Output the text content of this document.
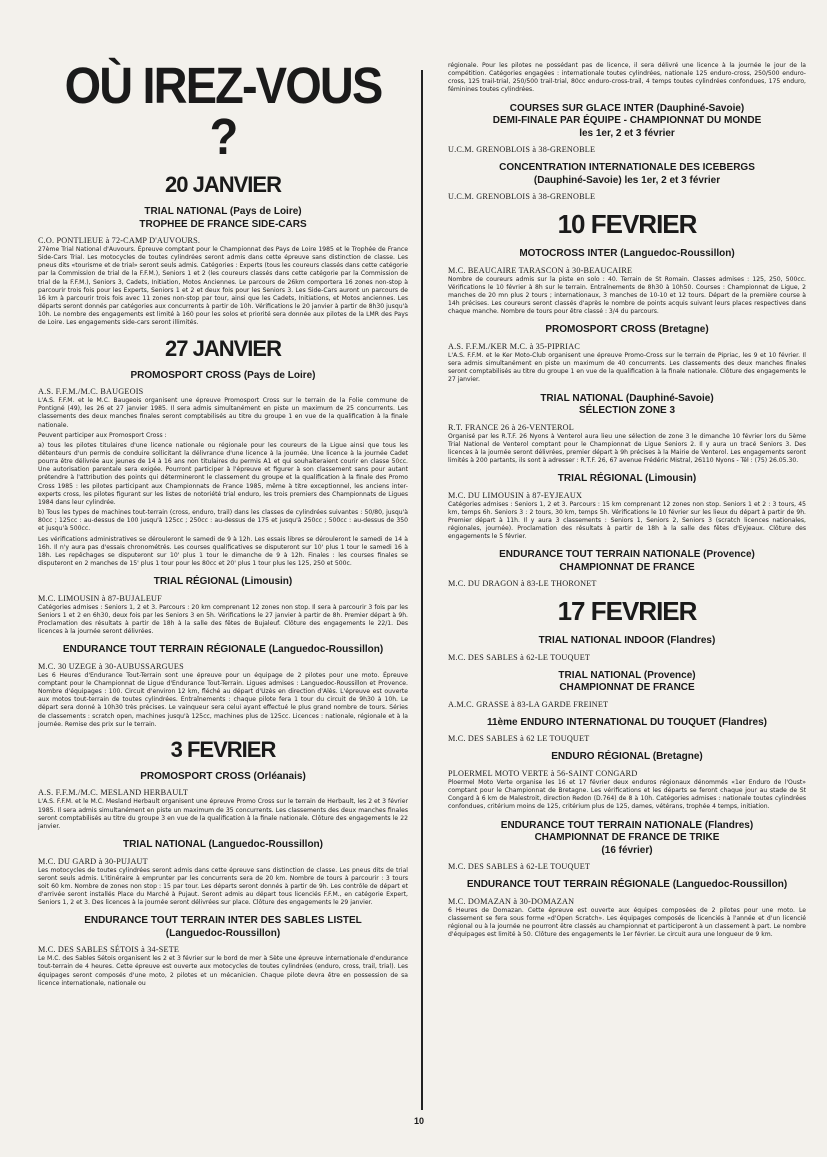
OÙ IREZ-VOUS ?
20 JANVIER
TRIAL NATIONAL (Pays de Loire)
TROPHEE DE FRANCE SIDE-CARS
C.O. PONTLIEUE à 72-CAMP D'AUVOURS.
27ème Trial National d'Auvours. Épreuve comptant pour le Championnat des Pays de Loire 1985 et le Trophée de France Side-Cars Trial. Les motocycles de toutes cylindrées seront admis dans cette épreuve sans distinction de classe. Les pneus dits «tourisme et de trial» seront seuls admis. Catégories : Experts (tous les coureurs classés dans cette catégorie par la Commission de trial de la F.F.M.), Seniors 1 et 2 (les coureurs classés dans cette catégorie par la Commission de trial de la F.F.M.), Seniors 3, Cadets, Initiation, Motos Anciennes. Le parcours de 26km comportera 16 zones non-stop à parcourir trois fois pour les Experts, Seniors 1 et 2 et deux fois pour les Seniors 3. Les Side-Cars auront un parcours de 16 km à parcourir trois fois avec 11 zones non-stop par tour, ainsi que les Cadets, Initiations, et Motos anciennes. Les départs seront donnés par catégories aux concurrents à partir de 10h. Vérifications le 20 janvier à partir de 8h30 jusqu'à 10h. Le nombre des engagements est limité à 160 pour les solos et priorité sera donnée aux pilotes de la LMR des Pays de Loire. Les engagements side-cars seront illimités.
27 JANVIER
PROMOSPORT CROSS (Pays de Loire)
A.S. F.F.M./M.C. BAUGEOIS
L'A.S. F.F.M. et le M.C. Baugeois organisent une épreuve Promosport Cross sur le terrain de la Folie commune de Pontigné (49), les 26 et 27 janvier 1985. Il sera admis simultanément en piste un maximum de 25 concurrents. Les classements des deux manches finales seront comptabilisés au titre du groupe 1 en vue de la qualification à la finale nationale.
Peuvent participer aux Promosport Cross :
a) tous les pilotes titulaires d'une licence nationale ou régionale pour les coureurs de la Ligue ainsi que tous les détenteurs d'un permis de conduire sollicitant la délivrance d'une licence à la journée. Une licence à la journée Cadet pourra être délivrée aux jeunes de 14 à 16 ans non titulaires du permis A1 et qui souhaiteraient courir en classe 50cc. Une autorisation parentale sera exigée. Pourront participer à l'épreuve et figurer à son classement sans pour autant prétendre à l'attribution des points qui détermineront le classement du groupe et la qualification à la finale des Promo Cross 1985 : les pilotes participant aux Championnats de France 1985, même à titre exceptionnel, les anciens inter-experts cross, les pilotes figurant sur les listes de notoriété trial enduro, les trois premiers des Championnats de Ligues 1984 dans leur cylindrée.
b) Tous les types de machines tout-terrain (cross, enduro, trail) dans les classes de cylindrées suivantes : 50/80, jusqu'à 80cc ; 125cc : au-dessus de 100 jusqu'à 125cc ; 250cc : au-dessus de 175 et jusqu'à 250cc ; 500cc : au-dessus de 350 et jusqu'à 500cc.
Les vérifications administratives se dérouleront le samedi de 9 à 12h. Les essais libres se dérouleront le samedi de 14 à 16h. Il n'y aura pas d'essais chronométrés. Les courses qualificatives se disputeront sur 10' plus 1 tour le samedi 16 à 18h. Les repêchages se disputeront sur 10' plus 1 tour le dimanche de 9 à 12h. Finales : les courses finales se disputeront en 2 manches de 15' plus 1 tour pour les 80cc et 20' plus 1 tour plus les 125, 250 et 500c.
TRIAL RÉGIONAL (Limousin)
M.C. LIMOUSIN à 87-BUJALEUF
Catégories admises : Seniors 1, 2 et 3. Parcours : 20 km comprenant 12 zones non stop. Il sera à parcourir 3 fois par les Seniors 1 et 2 en 6h30, deux fois par les Seniors 3 en 5h. Vérifications le 27 janvier à partir de 8h. Premier départ à 9h. Proclamation des résultats à partir de 18h à la salle des fêtes de Bujaleuf. Clôture des engagements le 22/1. Des licences à la journée seront délivrées.
ENDURANCE TOUT TERRAIN RÉGIONALE (Languedoc-Roussillon)
M.C. 30 UZEGE à 30-AUBUSSARGUES
Les 6 Heures d'Endurance Tout-Terrain sont une épreuve pour un équipage de 2 pilotes pour une moto. Épreuve comptant pour le Championnat de Ligue d'Endurance Tout-Terrain. Ligues admises : Languedoc-Roussillon et Provence. Nombre d'équipages : 100. Circuit d'environ 12 km, fléché au départ d'Uzès en direction d'Alès. L'épreuve est ouverte aux motos tout-terrain de toutes cylindrées. Entraînements : chaque pilote fera 1 tour du circuit de 9h30 à 10h. Le départ sera donné à 10h30 très précises. Le vainqueur sera celui ayant effectué le plus grand nombre de tours. Séries de classements : scratch open, machines jusqu'à 125cc, machines plus de 125cc. Licences : nationale, régionale et à la journée. Remise des prix sur le terrain.
3 FEVRIER
PROMOSPORT CROSS (Orléanais)
A.S. F.F.M./M.C. MESLAND HERBAULT
L'A.S. F.F.M. et le M.C. Mesland Herbault organisent une épreuve Promo Cross sur le terrain de Herbault, les 2 et 3 février 1985. Il sera admis simultanément en piste un maximum de 35 concurrents. Les classements des deux manches finales seront comptabilisés au titre du groupe 3 en vue de la qualification à la finale nationale. Clôture des engagements le 22 janvier.
TRIAL NATIONAL (Languedoc-Roussillon)
M.C. DU GARD à 30-PUJAUT
Les motocycles de toutes cylindrées seront admis dans cette épreuve sans distinction de classe. Les pneus dits de trial seront seuls admis. L'itinéraire à emprunter par les concurrents sera de 20 km. Nombre de tours à parcourir : 3 tours soit 60 km. Nombre de zones non stop : 15 par tour. Les départs seront donnés à partir de 9h. Les contrôle de départ et d'arrivée seront installés Place du Marché à Pujaut. Seront admis au départ tous licenciés F.F.M., en catégorie Expert, Seniors 1, 2 et 3. Des licences à la journée seront délivrées sur place. Clôture des engagements le 29 janvier.
ENDURANCE TOUT TERRAIN INTER DES SABLES LISTEL
(Languedoc-Roussillon)
M.C. DES SABLES SÉTOIS à 34-SETE
Le M.C. des Sables Sétois organisent les 2 et 3 février sur le bord de mer à Sète une épreuve internationale d'endurance tout-terrain de 4 heures. Cette épreuve est ouverte aux motocycles de toutes cylindrées (enduro, cross, trail, trial). Les équipages seront composés d'une moto, 2 pilotes et un mécanicien. Chaque pilote devra être en possession de sa licence internationale, nationale ou
régionale. Pour les pilotes ne possédant pas de licence, il sera délivré une licence à la journée le jour de la compétition. Catégories engagées : internationale toutes cylindrées, nationale 125 enduro-cross, 250/500 enduro-cross, 125 trail-trial, 250/500 trail-trial, 80cc enduro-cross-trail, 4 temps toutes cylindrées confondues, 175 enduro, féminines toutes cylindrées.
COURSES SUR GLACE INTER (Dauphiné-Savoie)
DEMI-FINALE PAR ÉQUIPE - CHAMPIONNAT DU MONDE
les 1er, 2 et 3 février
U.C.M. GRENOBLOIS à 38-GRENOBLE
CONCENTRATION INTERNATIONALE DES ICEBERGS
(Dauphiné-Savoie) les 1er, 2 et 3 février
U.C.M. GRENOBLOIS à 38-GRENOBLE
10 FEVRIER
MOTOCROSS INTER (Languedoc-Roussillon)
M.C. BEAUCAIRE TARASCON à 30-BEAUCAIRE
Nombre de coureurs admis sur la piste en solo : 40. Terrain de St Romain. Classes admises : 125, 250, 500cc. Vérifications le 10 février à 8h sur le terrain. Entraînements de 8h30 à 10h50. Courses : Championnat de Ligue, 2 manches de 20 mn plus 2 tours ; internationaux, 3 manches de 10-10 et 12 tours. Départ de la première course à 14h précises. Les coureurs seront classés d'après le nombre de points acquis suivant leurs places respectives dans chaque manche. Nombre de tours pour être classé : 3/4 du parcours.
PROMOSPORT CROSS (Bretagne)
A.S. F.F.M./KER M.C. à 35-PIPRIAC
L'A.S. F.F.M. et le Ker Moto-Club organisent une épreuve Promo-Cross sur le terrain de Pipriac, les 9 et 10 février. Il sera admis simultanément en piste un maximum de 40 concurrents. Les classements des deux manches finales seront comptabilisés au titre du groupe 1 en vue de la qualification à la finale nationale. Clôture des engagements le 27 janvier.
TRIAL NATIONAL (Dauphiné-Savoie)
SÉLECTION ZONE 3
R.T. FRANCE 26 à 26-VENTEROL
Organisé par les R.T.F. 26 Nyons à Venterol aura lieu une sélection de zone 3 le dimanche 10 février lors du 5ème Trial National de Venterol comptant pour le Championnat de Ligue Seniors 2. Il y aura un tracé Seniors 3. Des licences à la journée seront délivrées, premier départ à 9h précises à la Mairie de Venterol. Les engagements seront limités à 200 partants, ils sont à adresser : R.T.F. 26, 67 avenue Frédéric Mistral, 26110 Nyons - Tél : (75) 26.05.30.
TRIAL RÉGIONAL (Limousin)
M.C. DU LIMOUSIN à 87-EYJEAUX
Catégories admises : Seniors 1, 2 et 3. Parcours : 15 km comprenant 12 zones non stop. Seniors 1 et 2 : 3 tours, 45 km, temps 6h. Seniors 3 : 2 tours, 30 km, temps 5h. Vérifications le 10 février sur les lieux du départ à partir de 9h. Premier départ à 11h. Il y aura 3 classements : Seniors 1, Seniors 2, Seniors 3 (scratch licences nationales, régionales, journée). Proclamation des résultats à partir de 18h à la salle des fêtes d'Eyjeaux. Clôture des engagements le 5 février.
ENDURANCE TOUT TERRAIN NATIONALE (Provence)
CHAMPIONNAT DE FRANCE
M.C. DU DRAGON à 83-LE THORONET
17 FEVRIER
TRIAL NATIONAL INDOOR (Flandres)
M.C. DES SABLES à 62-LE TOUQUET
TRIAL NATIONAL (Provence)
CHAMPIONNAT DE FRANCE
A.M.C. GRASSE à 83-LA GARDE FREINET
11ème ENDURO INTERNATIONAL DU TOUQUET (Flandres)
M.C. DES SABLES à 62 LE TOUQUET
ENDURO RÉGIONAL (Bretagne)
PLOERMEL MOTO VERTE à 56-SAINT CONGARD
Ploermel Moto Verte organise les 16 et 17 février deux enduros régionaux dénommés «1er Enduro de l'Oust» comptant pour le Championnat de Bretagne. Les vérifications et les départs se feront chaque jour au stade de St Congard à 6 km de Malestroit, direction Redon (D.764) de 8 à 10h. Catégories admises : nationale toutes cylindrées confondues, critérium moins de 125, critérium plus de 125, dames, vétérans, trophée 4 temps, initiation.
ENDURANCE TOUT TERRAIN NATIONALE (Flandres)
CHAMPIONNAT DE FRANCE DE TRIKE
(16 février)
M.C. DES SABLES à 62-LE TOUQUET
ENDURANCE TOUT TERRAIN RÉGIONALE (Languedoc-Roussillon)
M.C. DOMAZAN à 30-DOMAZAN
6 Heures de Domazan. Cette épreuve est ouverte aux équipes composées de 2 pilotes pour une moto. Le classement se fera sous forme «d'Open Scratch». Les équipages composés de licenciés à l'année et d'un licencié régional ou à la journée ne pourront être classés au championnat et participeront à un classement à part. Le nombre d'équipages est limité à 50. Clôture des engagements le 1er février. Le circuit aura une longueur de 9 km.
10
